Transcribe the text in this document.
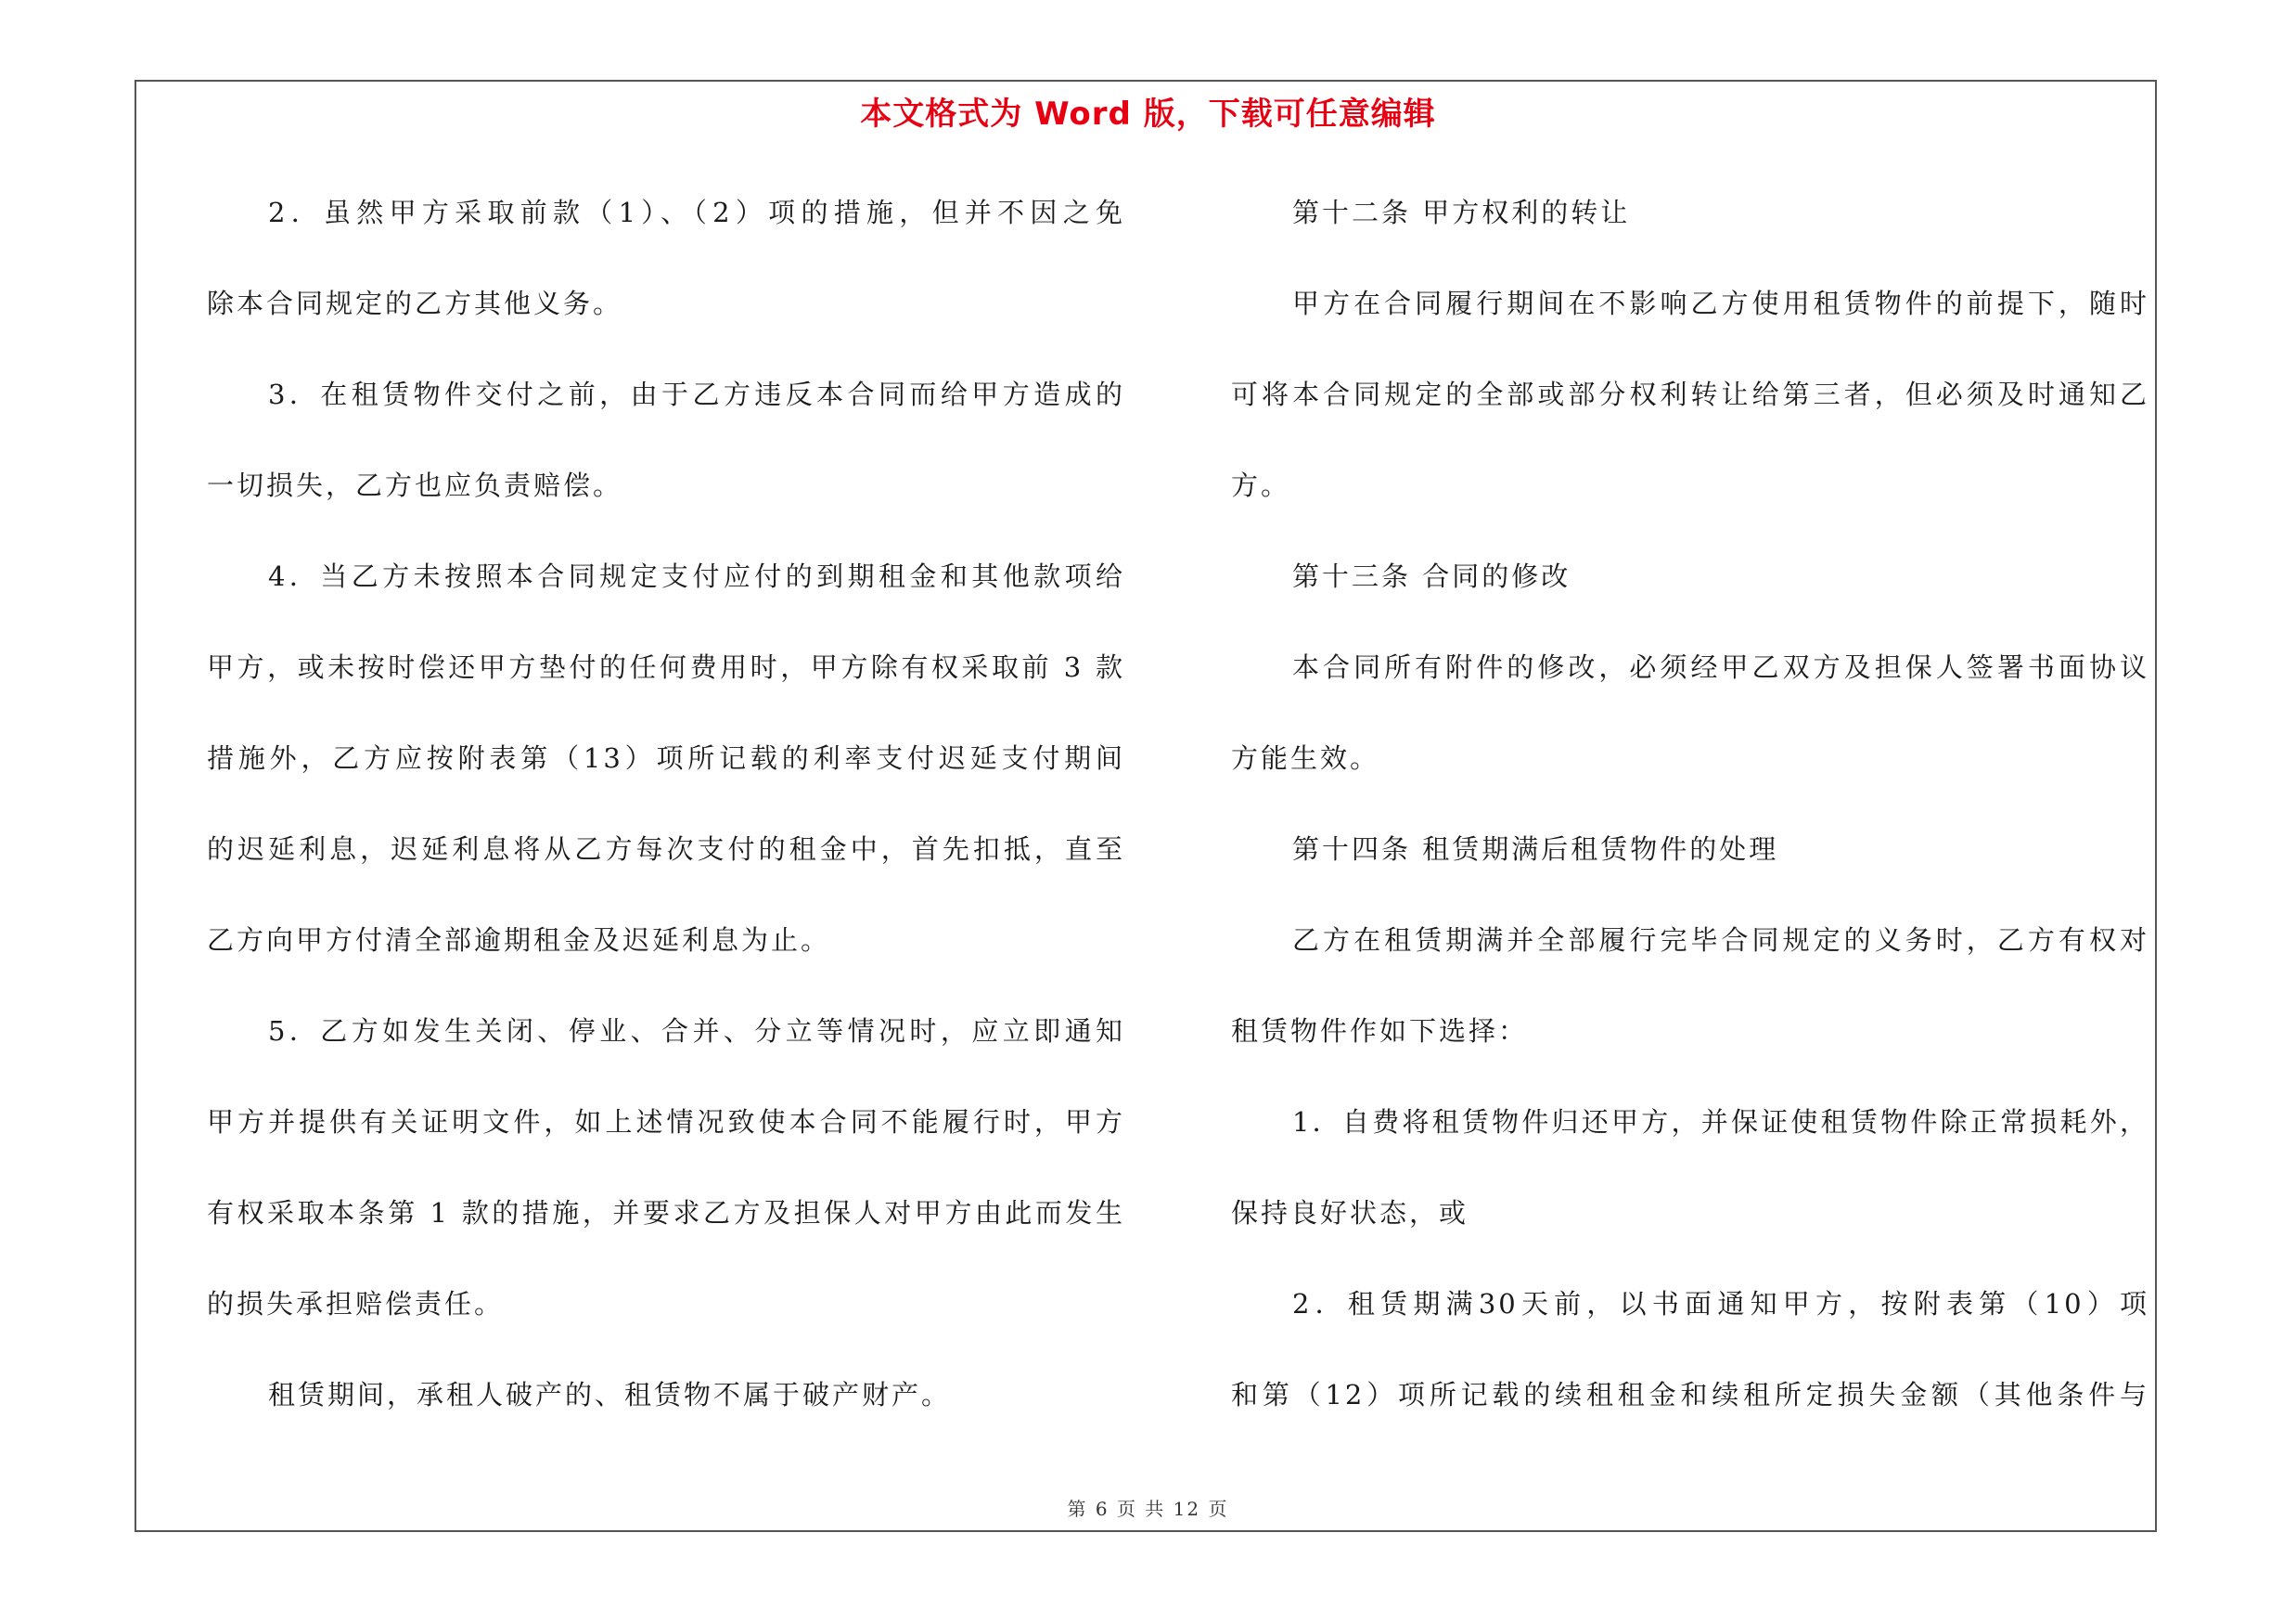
本文格式为 Word 版，下载可任意编辑
2．虽然甲方采取前款（1）、（2）项的措施，但并不因之免
除本合同规定的乙方其他义务。
3．在租赁物件交付之前，由于乙方违反本合同而给甲方造成的
一切损失，乙方也应负责赔偿。
4．当乙方未按照本合同规定支付应付的到期租金和其他款项给
甲方，或未按时偿还甲方垫付的任何费用时，甲方除有权采取前 3 款
措施外，乙方应按附表第（13）项所记载的利率支付迟延支付期间
的迟延利息，迟延利息将从乙方每次支付的租金中，首先扣抵，直至
乙方向甲方付清全部逾期租金及迟延利息为止。
5．乙方如发生关闭、停业、合并、分立等情况时，应立即通知
甲方并提供有关证明文件，如上述情况致使本合同不能履行时，甲方
有权采取本条第 1 款的措施，并要求乙方及担保人对甲方由此而发生
的损失承担赔偿责任。
租赁期间，承租人破产的、租赁物不属于破产财产。
第十二条 甲方权利的转让
甲方在合同履行期间在不影响乙方使用租赁物件的前提下，随时
可将本合同规定的全部或部分权利转让给第三者，但必须及时通知乙
方。
第十三条 合同的修改
本合同所有附件的修改，必须经甲乙双方及担保人签署书面协议
方能生效。
第十四条 租赁期满后租赁物件的处理
乙方在租赁期满并全部履行完毕合同规定的义务时，乙方有权对
租赁物件作如下选择：
1．自费将租赁物件归还甲方，并保证使租赁物件除正常损耗外，
保持良好状态，或
2．租赁期满30天前，以书面通知甲方，按附表第（10）项
和第（12）项所记载的续租租金和续租所定损失金额（其他条件与
第 6 页 共 12 页
